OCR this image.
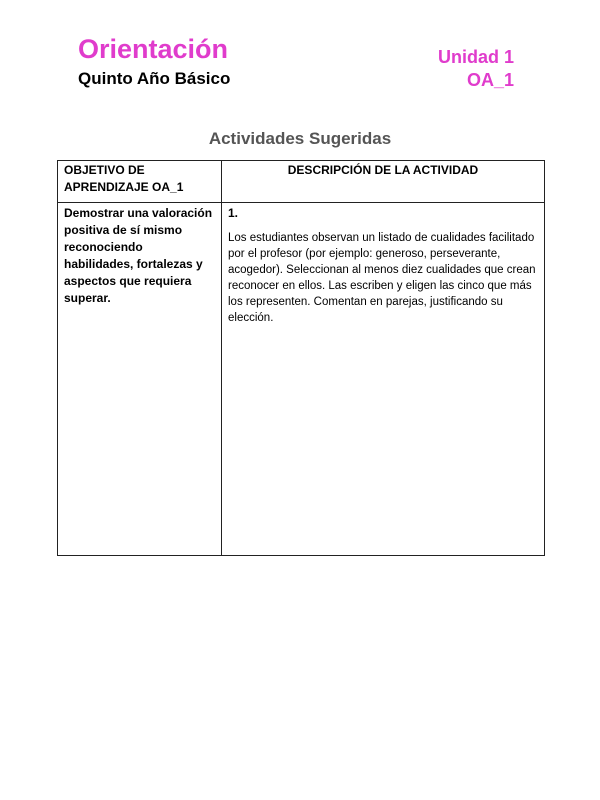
Orientación
Quinto Año Básico
Unidad 1
OA_1
Actividades Sugeridas
OBJETIVO DE APRENDIZAJE OA_1	DESCRIPCIÓN DE LA ACTIVIDAD
Demostrar una valoración positiva de sí mismo reconociendo habilidades, fortalezas y aspectos que requiera superar.	1.

Los estudiantes observan un listado de cualidades facilitado por el profesor (por ejemplo: generoso, perseverante, acogedor). Seleccionan al menos diez cualidades que crean reconocer en ellos. Las escriben y eligen las cinco que más los representen. Comentan en parejas, justificando su elección.
